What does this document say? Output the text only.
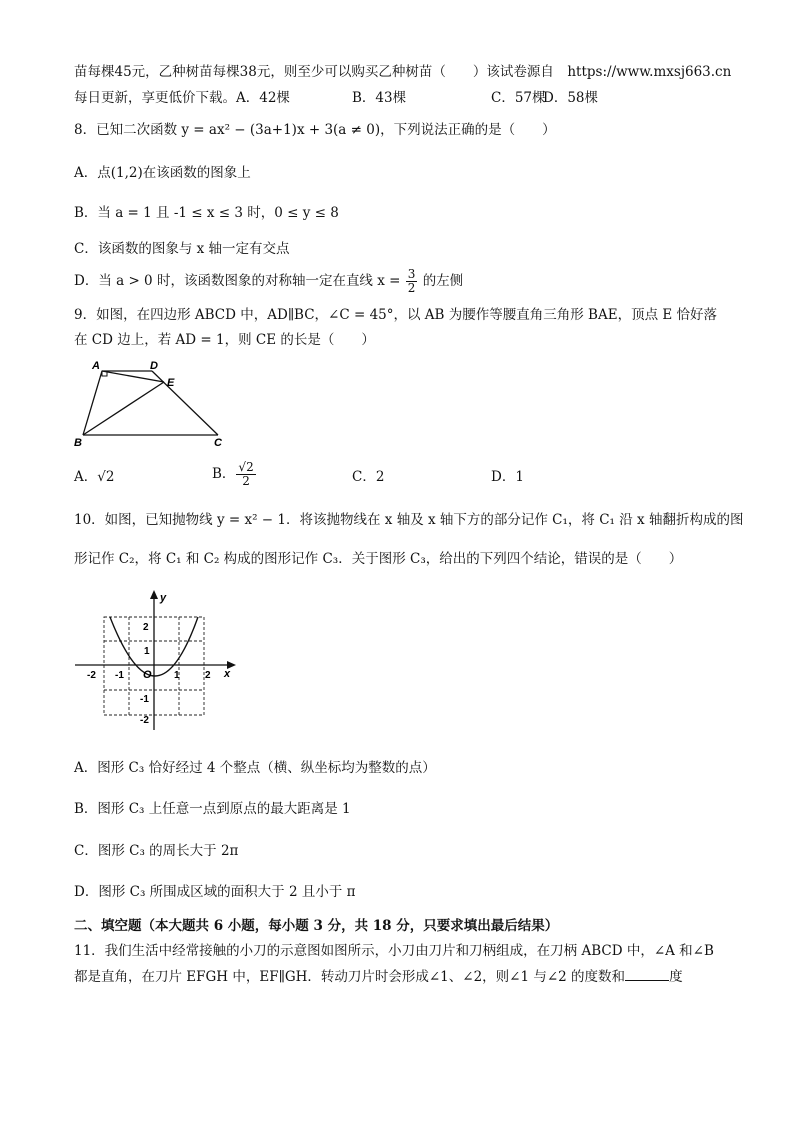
苗每棵45元，乙种树苗每棵38元，则至少可以购买乙种树苗（　　）该试卷源自　https://www.mxsj663.cn
每日更新，享更低价下载。A．42棵	B．43棵	C．57棵
D．58棵
8．已知二次函数 y = ax² − (3a+1)x + 3(a ≠ 0)，下列说法正确的是（　　）
A．点(1,2)在该函数的图象上
B．当 a = 1 且 -1 ≤ x ≤ 3 时，0 ≤ y ≤ 8
C．该函数的图象与 x 轴一定有交点
D．当 a > 0 时，该函数图象的对称轴一定在直线 $x = \frac{3}{2}$ 的左侧
9．如图，在四边形 ABCD 中，AD∥BC，∠C = 45°，以 AB 为腰作等腰直角三角形 BAE，顶点 E 恰好落
在 CD 边上，若 AD = 1，则 CE 的长是（　　）
A	D
E
B	C
A．√2	B． $\frac{√2}{2}$	C．2	D．1
10．如图，已知抛物线 y = x² − 1．将该抛物线在 x 轴及 x 轴下方的部分记作 C₁，将 C₁ 沿 x 轴翻折构成的图
形记作 C₂，将 C₁ 和 C₂ 构成的图形记作 C₃．关于图形 C₃，给出的下列四个结论，错误的是（　　）
y
x
O
-2 -1	1	2
2
1
-1
-2
A．图形 C₃ 恰好经过 4 个整点（横、纵坐标均为整数的点）
B．图形 C₃ 上任意一点到原点的最大距离是 1
C．图形 C₃ 的周长大于 2π
D．图形 C₃ 所围成区域的面积大于 2 且小于 π
二、填空题（本大题共 6 小题，每小题 3 分，共 18 分，只要求填出最后结果）
11．我们生活中经常接触的小刀的示意图如图所示，小刀由刀片和刀柄组成，在刀柄 ABCD 中，∠A 和∠B
都是直角，在刀片 EFGH 中，EF∥GH．转动刀片时会形成∠1、∠2，则∠1 与∠2 的度数和	度
